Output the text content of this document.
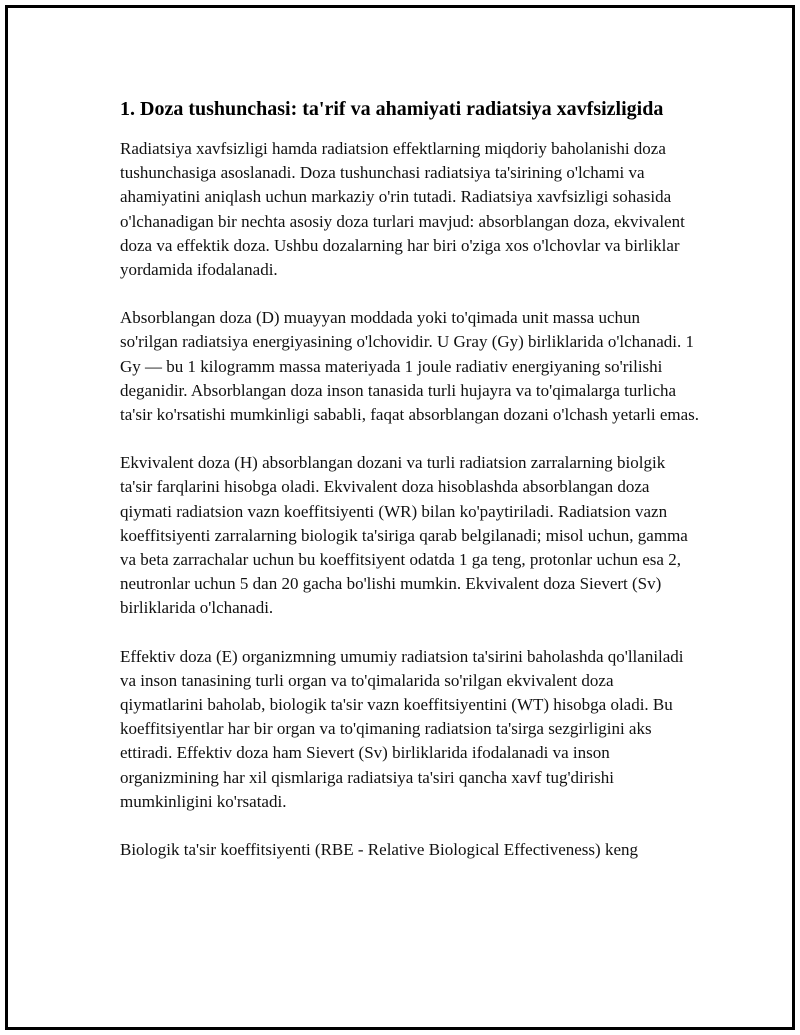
1. Doza tushunchasi: ta'rif va ahamiyati radiatsiya xavfsizligida

Radiatsiya xavfsizligi hamda radiatsion effektlarning miqdoriy baholanishi doza tushunchasiga asoslanadi. Doza tushunchasi radiatsiya ta'sirining o'lchami va ahamiyatini aniqlash uchun markaziy o'rin tutadi. Radiatsiya xavfsizligi sohasida o'lchanadigan bir nechta asosiy doza turlari mavjud: absorblangan doza, ekvivalent doza va effektik doza. Ushbu dozalarning har biri o'ziga xos o'lchovlar va birliklar yordamida ifodalanadi.

Absorblangan doza (D) muayyan moddada yoki to'qimada unit massa uchun so'rilgan radiatsiya energiyasining o'lchovidir. U Gray (Gy) birliklarida o'lchanadi. 1 Gy — bu 1 kilogramm massa materiyada 1 joule radiativ energiyaning so'rilishi deganidir. Absorblangan doza inson tanasida turli hujayra va to'qimalarga turlicha ta'sir ko'rsatishi mumkinligi sababli, faqat absorblangan dozani o'lchash yetarli emas.

Ekvivalent doza (H) absorblangan dozani va turli radiatsion zarralarning biolgik ta'sir farqlarini hisobga oladi. Ekvivalent doza hisoblashda absorblangan doza qiymati radiatsion vazn koeffitsiyenti (WR) bilan ko'paytiriladi. Radiatsion vazn koeffitsiyenti zarralarning biologik ta'siriga qarab belgilanadi; misol uchun, gamma va beta zarrachalar uchun bu koeffitsiyent odatda 1 ga teng, protonlar uchun esa 2, neutronlar uchun 5 dan 20 gacha bo'lishi mumkin. Ekvivalent doza Sievert (Sv) birliklarida o'lchanadi.

Effektiv doza (E) organizmning umumiy radiatsion ta'sirini baholashda qo'llaniladi va inson tanasining turli organ va to'qimalarida so'rilgan ekvivalent doza qiymatlarini baholab, biologik ta'sir vazn koeffitsiyentini (WT) hisobga oladi. Bu koeffitsiyentlar har bir organ va to'qimaning radiatsion ta'sirga sezgirligini aks ettiradi. Effektiv doza ham Sievert (Sv) birliklarida ifodalanadi va inson organizmining har xil qismlariga radiatsiya ta'siri qancha xavf tug'dirishi mumkinligini ko'rsatadi.

Biologik ta'sir koeffitsiyenti (RBE - Relative Biological Effectiveness) keng
